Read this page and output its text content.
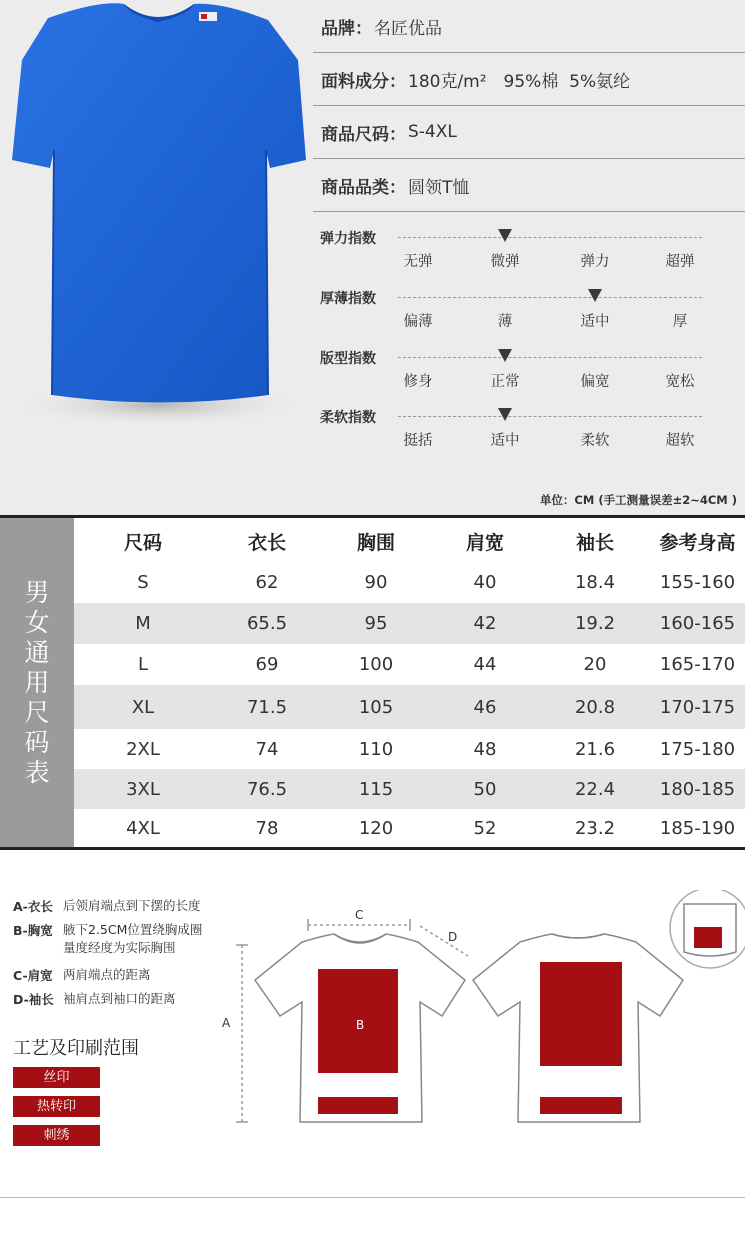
品牌： 名匠优品
面料成分： 180克/m²　95%棉  5%氨纶
商品尺码： S-4XL
商品品类： 圆领T恤
弹力指数
无弹	微弹	弹力	超弹
厚薄指数
偏薄	薄	适中	厚
版型指数
修身	正常	偏宽	宽松
柔软指数
挺括	适中	柔软	超软
单位：CM (手工测量误差±2~4CM )
男
女
通
用
尺
码
表
尺码	衣长	胸围	肩宽	袖长	参考身高
S	62	90	40	18.4	155-160
M	65.5	95	42	19.2	160-165
L	69	100	44	20	165-170
XL	71.5	105	46	20.8	170-175
2XL	74	110	48	21.6	175-180
3XL	76.5	115	50	22.4	180-185
4XL	78	120	52	23.2	185-190
A-衣长 后领肩端点到下摆的长度
B-胸宽 腋下2.5CM位置绕胸成圈
量度经度为实际胸围
C-肩宽 两肩端点的距离
D-袖长 袖肩点到袖口的距离
工艺及印刷范围
丝印
热转印
刺绣
A
C
D
B
